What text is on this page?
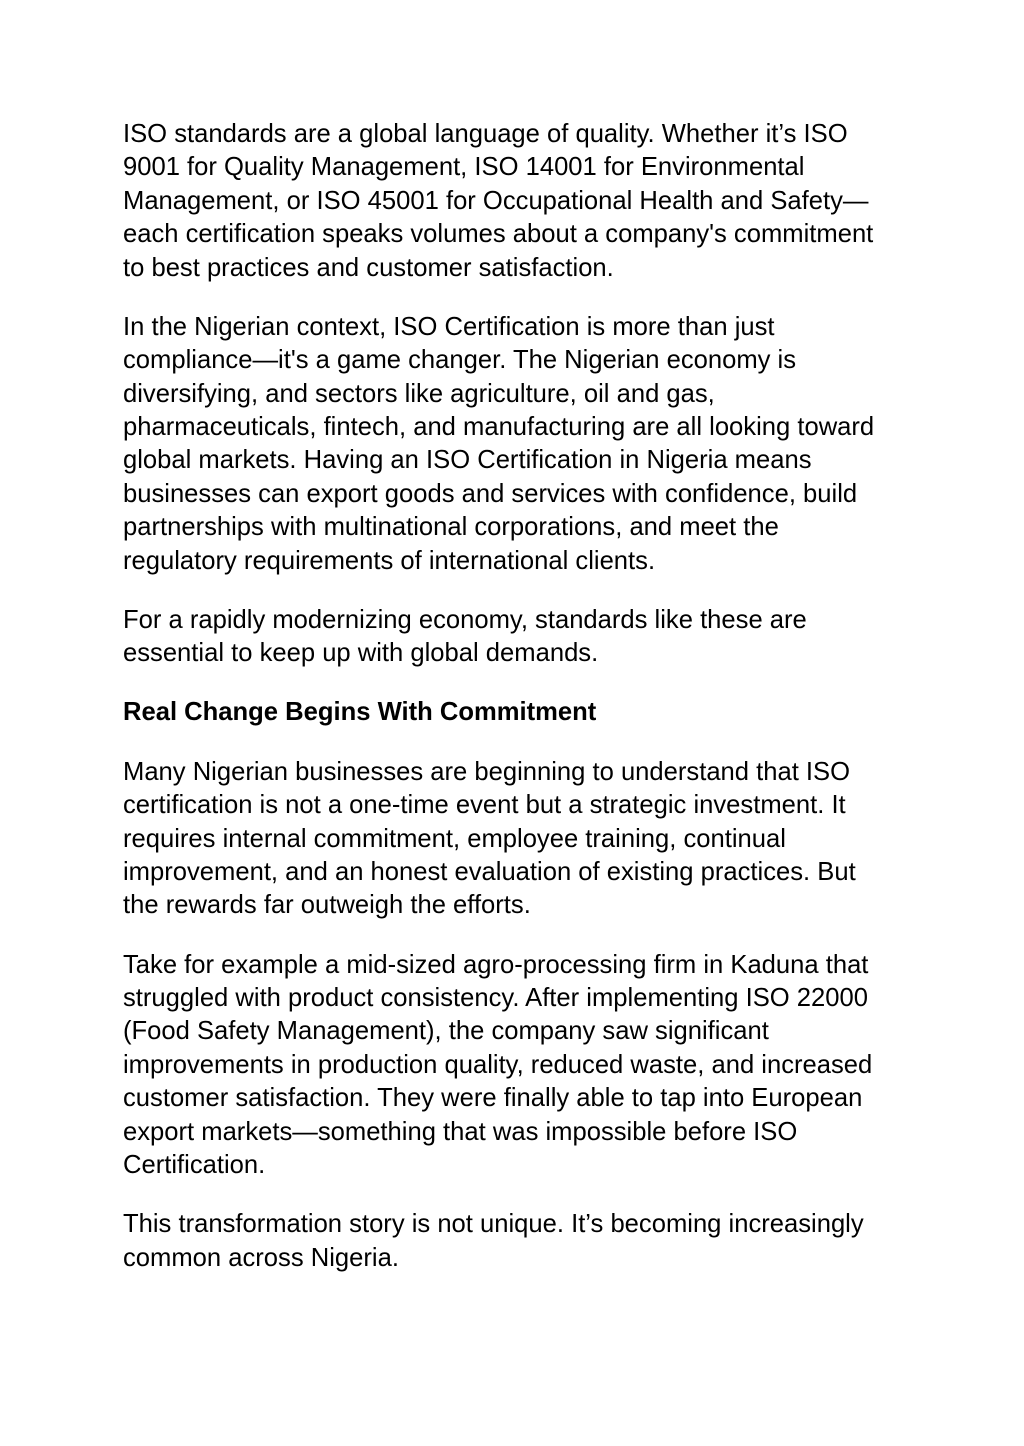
ISO standards are a global language of quality. Whether it’s ISO 9001 for Quality Management, ISO 14001 for Environmental Management, or ISO 45001 for Occupational Health and Safety—each certification speaks volumes about a company's commitment to best practices and customer satisfaction.

In the Nigerian context, ISO Certification is more than just compliance—it's a game changer. The Nigerian economy is diversifying, and sectors like agriculture, oil and gas, pharmaceuticals, fintech, and manufacturing are all looking toward global markets. Having an ISO Certification in Nigeria means businesses can export goods and services with confidence, build partnerships with multinational corporations, and meet the regulatory requirements of international clients.

For a rapidly modernizing economy, standards like these are essential to keep up with global demands.

Real Change Begins With Commitment

Many Nigerian businesses are beginning to understand that ISO certification is not a one-time event but a strategic investment. It requires internal commitment, employee training, continual improvement, and an honest evaluation of existing practices. But the rewards far outweigh the efforts.

Take for example a mid-sized agro-processing firm in Kaduna that struggled with product consistency. After implementing ISO 22000 (Food Safety Management), the company saw significant improvements in production quality, reduced waste, and increased customer satisfaction. They were finally able to tap into European export markets—something that was impossible before ISO Certification.

This transformation story is not unique. It’s becoming increasingly common across Nigeria.
